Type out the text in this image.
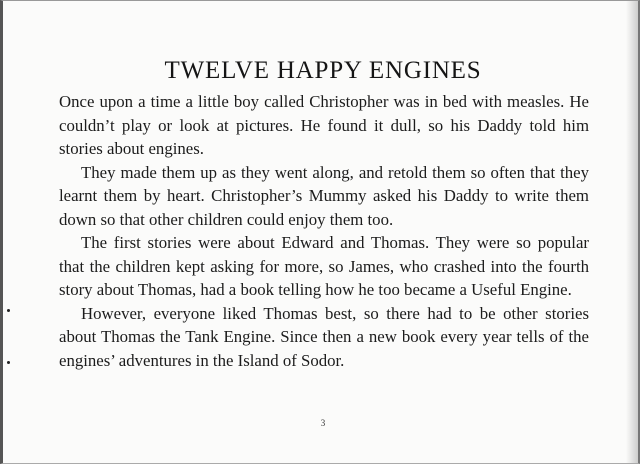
TWELVE HAPPY ENGINES

Once upon a time a little boy called Christopher was in bed with measles. He couldn’t play or look at pictures. He found it dull, so his Daddy told him stories about engines.

They made them up as they went along, and retold them so often that they learnt them by heart. Christopher’s Mummy asked his Daddy to write them down so that other children could enjoy them too.

The first stories were about Edward and Thomas. They were so popular that the children kept asking for more, so James, who crashed into the fourth story about Thomas, had a book telling how he too became a Useful Engine.

However, everyone liked Thomas best, so there had to be other stories about Thomas the Tank Engine. Since then a new book every year tells of the engines’ adventures in the Island of Sodor.

3
